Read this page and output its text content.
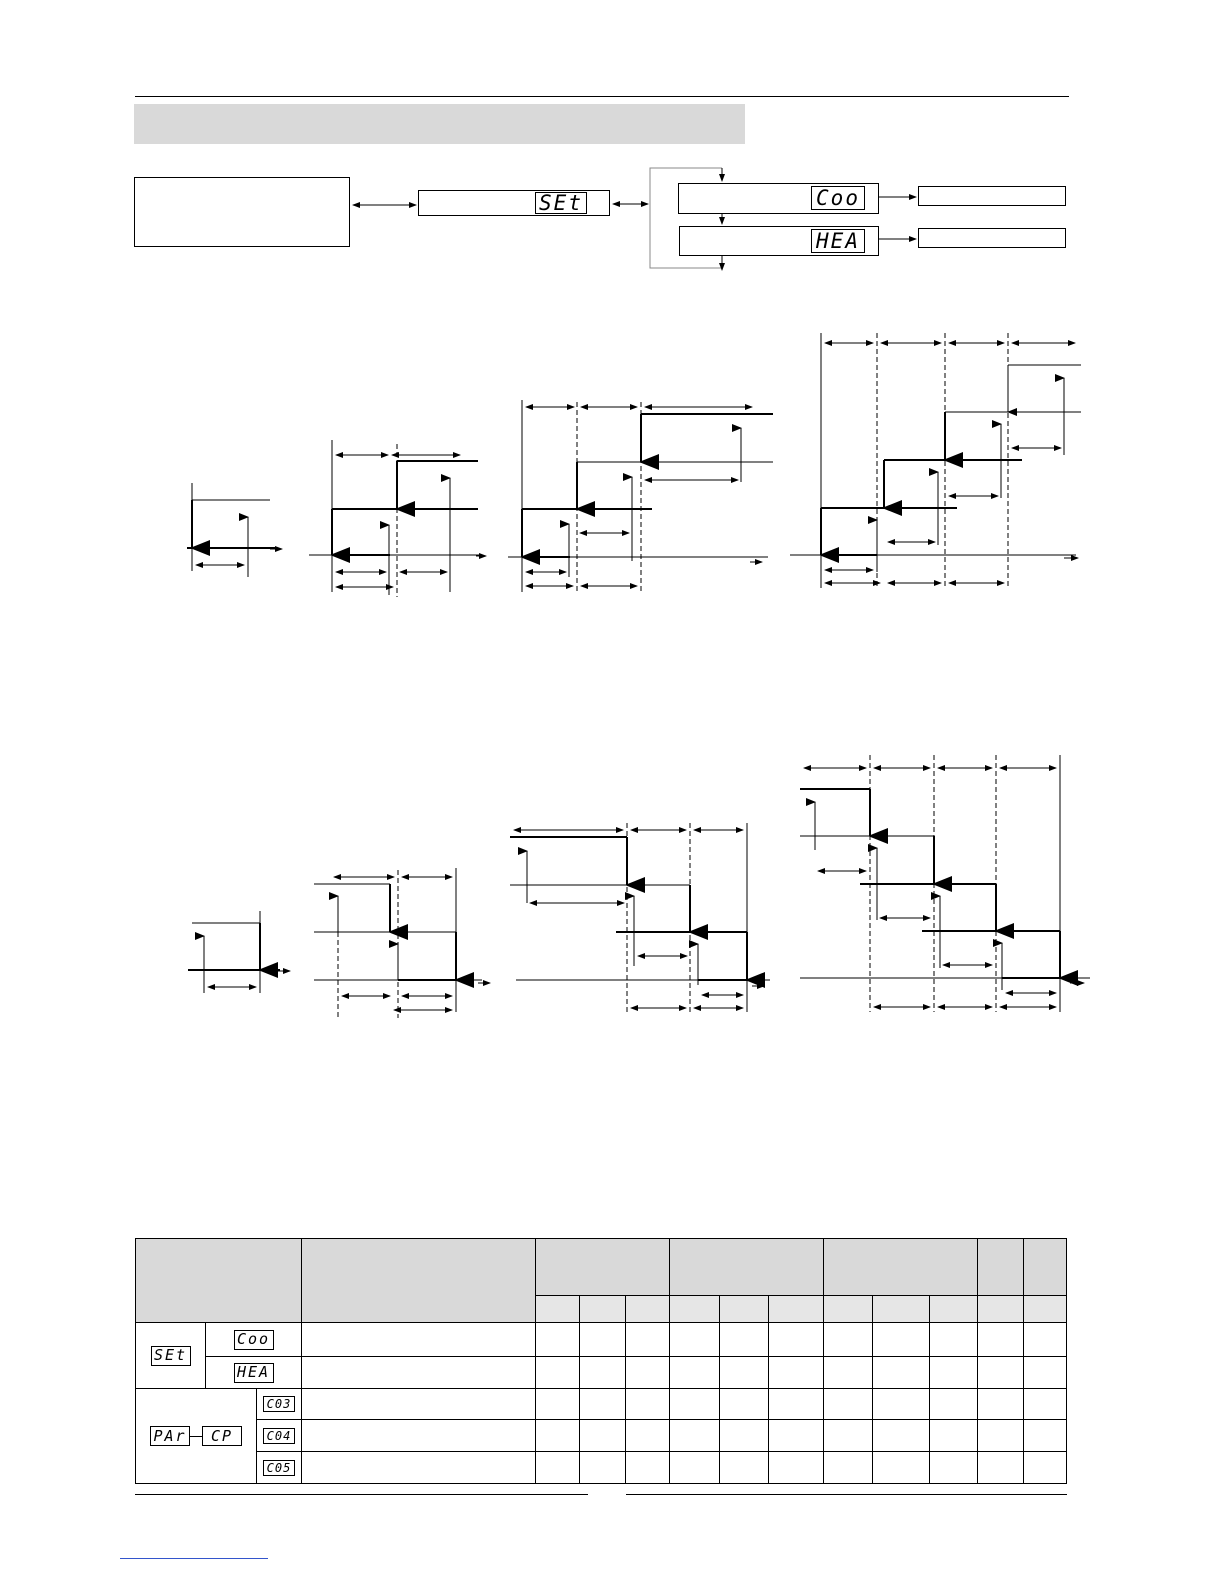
SEt	Coo
HEA

SEt	Coo													
	HEA													
PAr CP		C03												
		C04												
		C05												
